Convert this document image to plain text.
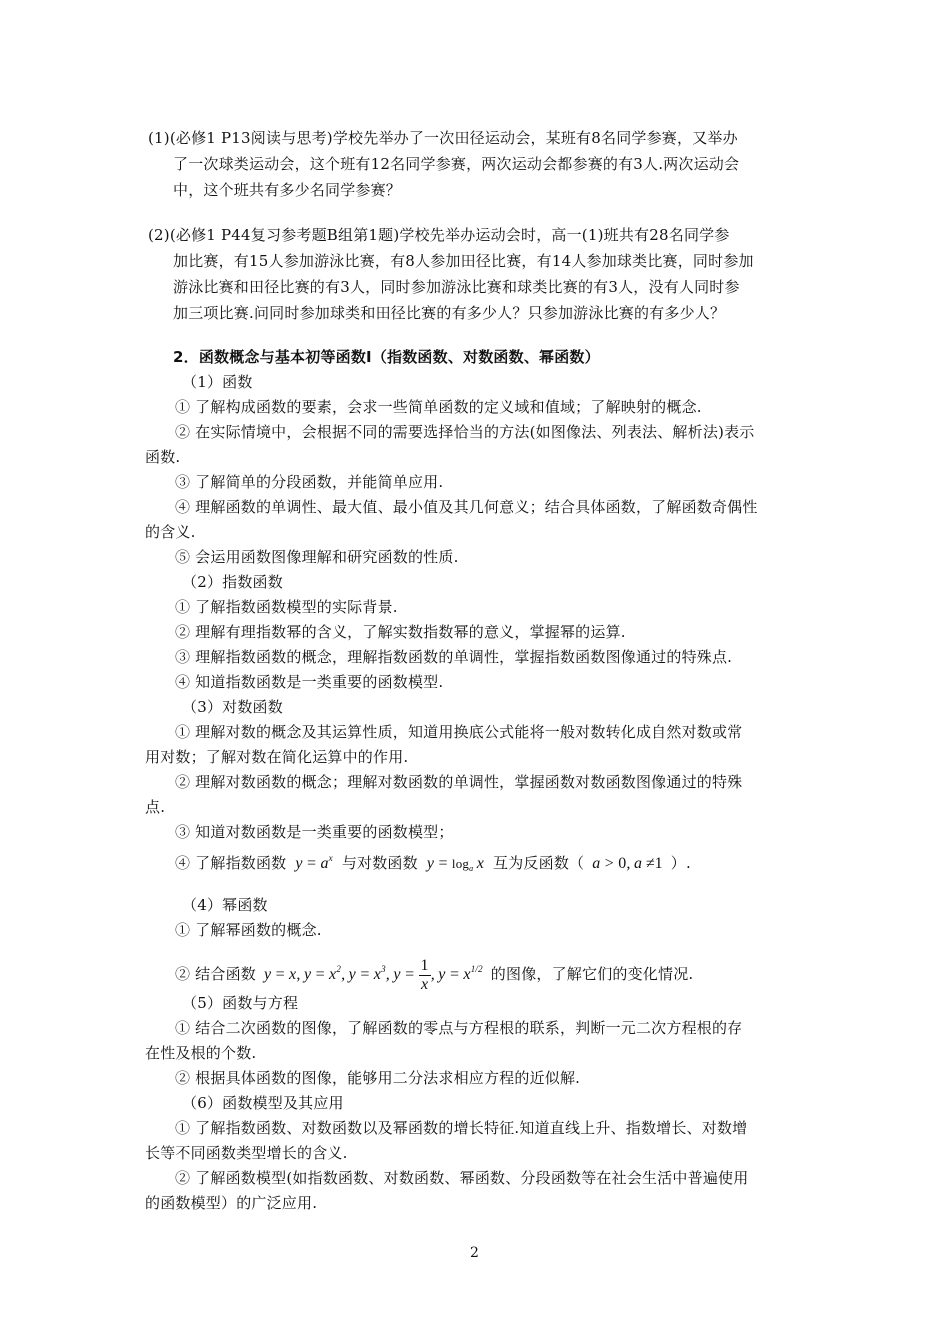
(1)(必修1 P13阅读与思考)学校先举办了一次田径运动会，某班有8名同学参赛，又举办
了一次球类运动会，这个班有12名同学参赛，两次运动会都参赛的有3人.两次运动会
中，这个班共有多少名同学参赛？
(2)(必修1 P44复习参考题B组第1题)学校先举办运动会时，高一(1)班共有28名同学参
加比赛，有15人参加游泳比赛，有8人参加田径比赛，有14人参加球类比赛，同时参加
游泳比赛和田径比赛的有3人，同时参加游泳比赛和球类比赛的有3人，没有人同时参
加三项比赛.问同时参加球类和田径比赛的有多少人？只参加游泳比赛的有多少人？
2．函数概念与基本初等函数Ⅰ（指数函数、对数函数、幂函数）
（1）函数
① 了解构成函数的要素，会求一些简单函数的定义域和值域；了解映射的概念.
② 在实际情境中，会根据不同的需要选择恰当的方法(如图像法、列表法、解析法)表示
函数.
③ 了解简单的分段函数，并能简单应用.
④ 理解函数的单调性、最大值、最小值及其几何意义；结合具体函数，了解函数奇偶性
的含义.
⑤ 会运用函数图像理解和研究函数的性质.
（2）指数函数
① 了解指数函数模型的实际背景.
② 理解有理指数幂的含义，了解实数指数幂的意义，掌握幂的运算.
③ 理解指数函数的概念，理解指数函数的单调性，掌握指数函数图像通过的特殊点.
④ 知道指数函数是一类重要的函数模型.
（3）对数函数
① 理解对数的概念及其运算性质，知道用换底公式能将一般对数转化成自然对数或常
用对数；了解对数在简化运算中的作用.
② 理解对数函数的概念；理解对数函数的单调性，掌握函数对数函数图像通过的特殊
点.
③ 知道对数函数是一类重要的函数模型；
④ 了解指数函数 $y = a^x$ 与对数函数 y = loga x 互为反函数（ a > 0, a ≠1 ）.
（4）幂函数
① 了解幂函数的概念.
② 结合函数 y = x, $y = x^2$, $y = x^3$, $y = \frac{1}{x}$ , $y = x^{1/2}$ 的图像，了解它们的变化情况.
（5）函数与方程
① 结合二次函数的图像，了解函数的零点与方程根的联系，判断一元二次方程根的存
在性及根的个数.
② 根据具体函数的图像，能够用二分法求相应方程的近似解.
（6）函数模型及其应用
① 了解指数函数、对数函数以及幂函数的增长特征.知道直线上升、指数增长、对数增
长等不同函数类型增长的含义.
② 了解函数模型(如指数函数、对数函数、幂函数、分段函数等在社会生活中普遍使用
的函数模型）的广泛应用.
2
